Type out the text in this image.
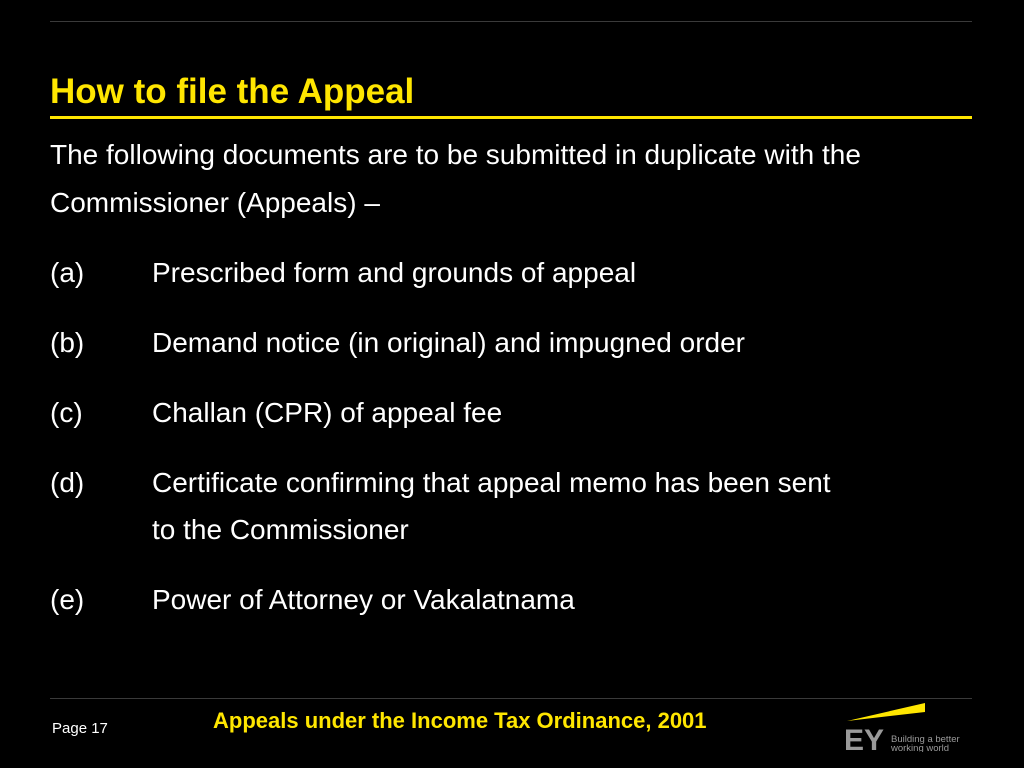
How to file the Appeal

The following documents are to be submitted in duplicate with the Commissioner (Appeals) –

(a)	Prescribed form and grounds of appeal
(b)	Demand notice (in original) and impugned order
(c)	Challan (CPR) of appeal fee
(d)	Certificate confirming that appeal memo has been sent to the Commissioner
(e)	Power of Attorney or Vakalatnama
Page 17	Appeals under the Income Tax Ordinance, 2001
EY Building a better
working world
